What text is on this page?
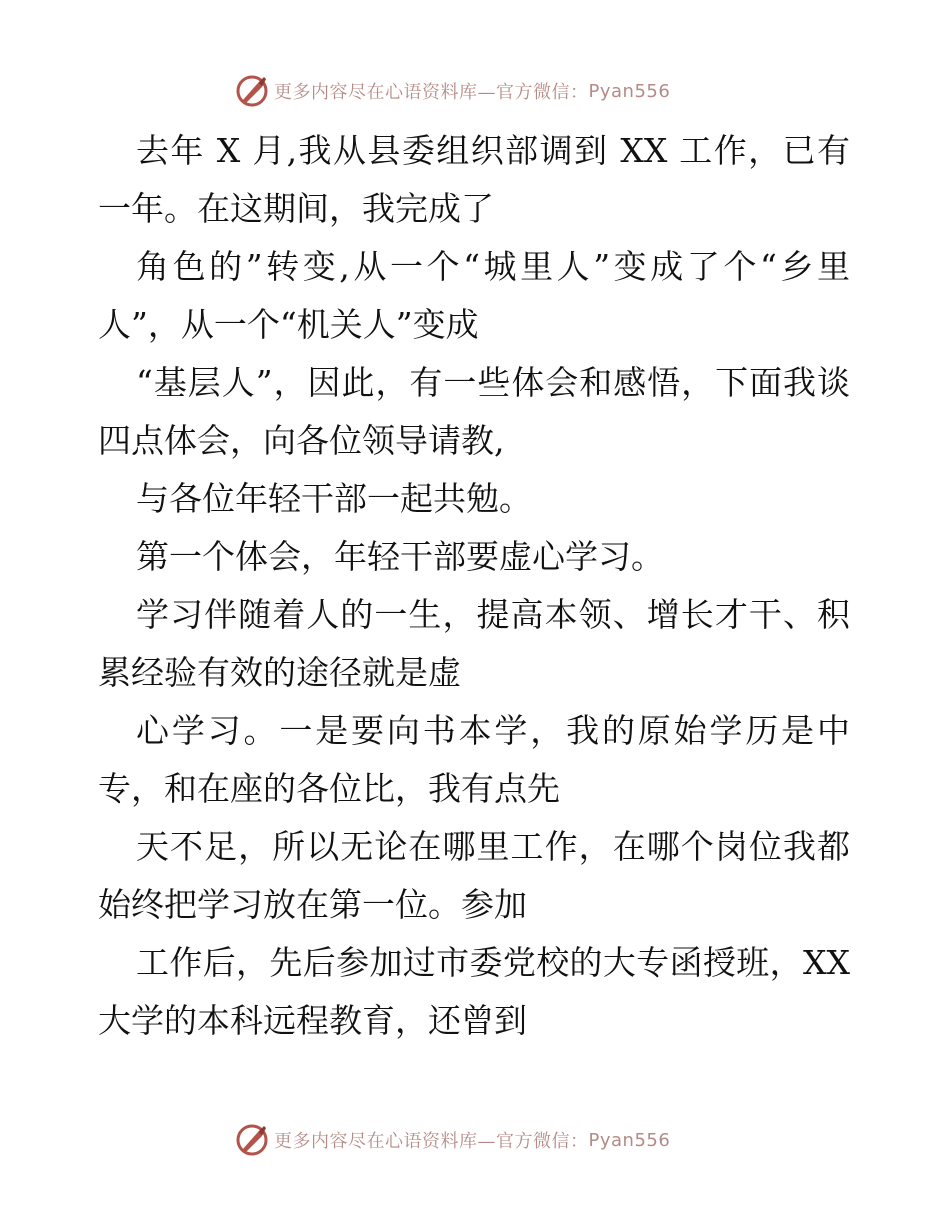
更多内容尽在心语资料库—官方微信： Pyan556

去年 X 月,我从县委组织部调到 XX 工作，已有一年。在这期间，我完成了

角色的”转变,从一个“城里人”变成了个“乡里人”，从一个“机关人”变成

“基层人”，因此，有一些体会和感悟，下面我谈四点体会，向各位领导请教,

与各位年轻干部一起共勉。

第一个体会，年轻干部要虚心学习。

学习伴随着人的一生，提高本领、增长才干、积累经验有效的途径就是虚

心学习。一是要向书本学，我的原始学历是中专，和在座的各位比，我有点先

天不足，所以无论在哪里工作，在哪个岗位我都始终把学习放在第一位。参加

工作后，先后参加过市委党校的大专函授班，XX 大学的本科远程教育，还曾到

更多内容尽在心语资料库—官方微信： Pyan556
